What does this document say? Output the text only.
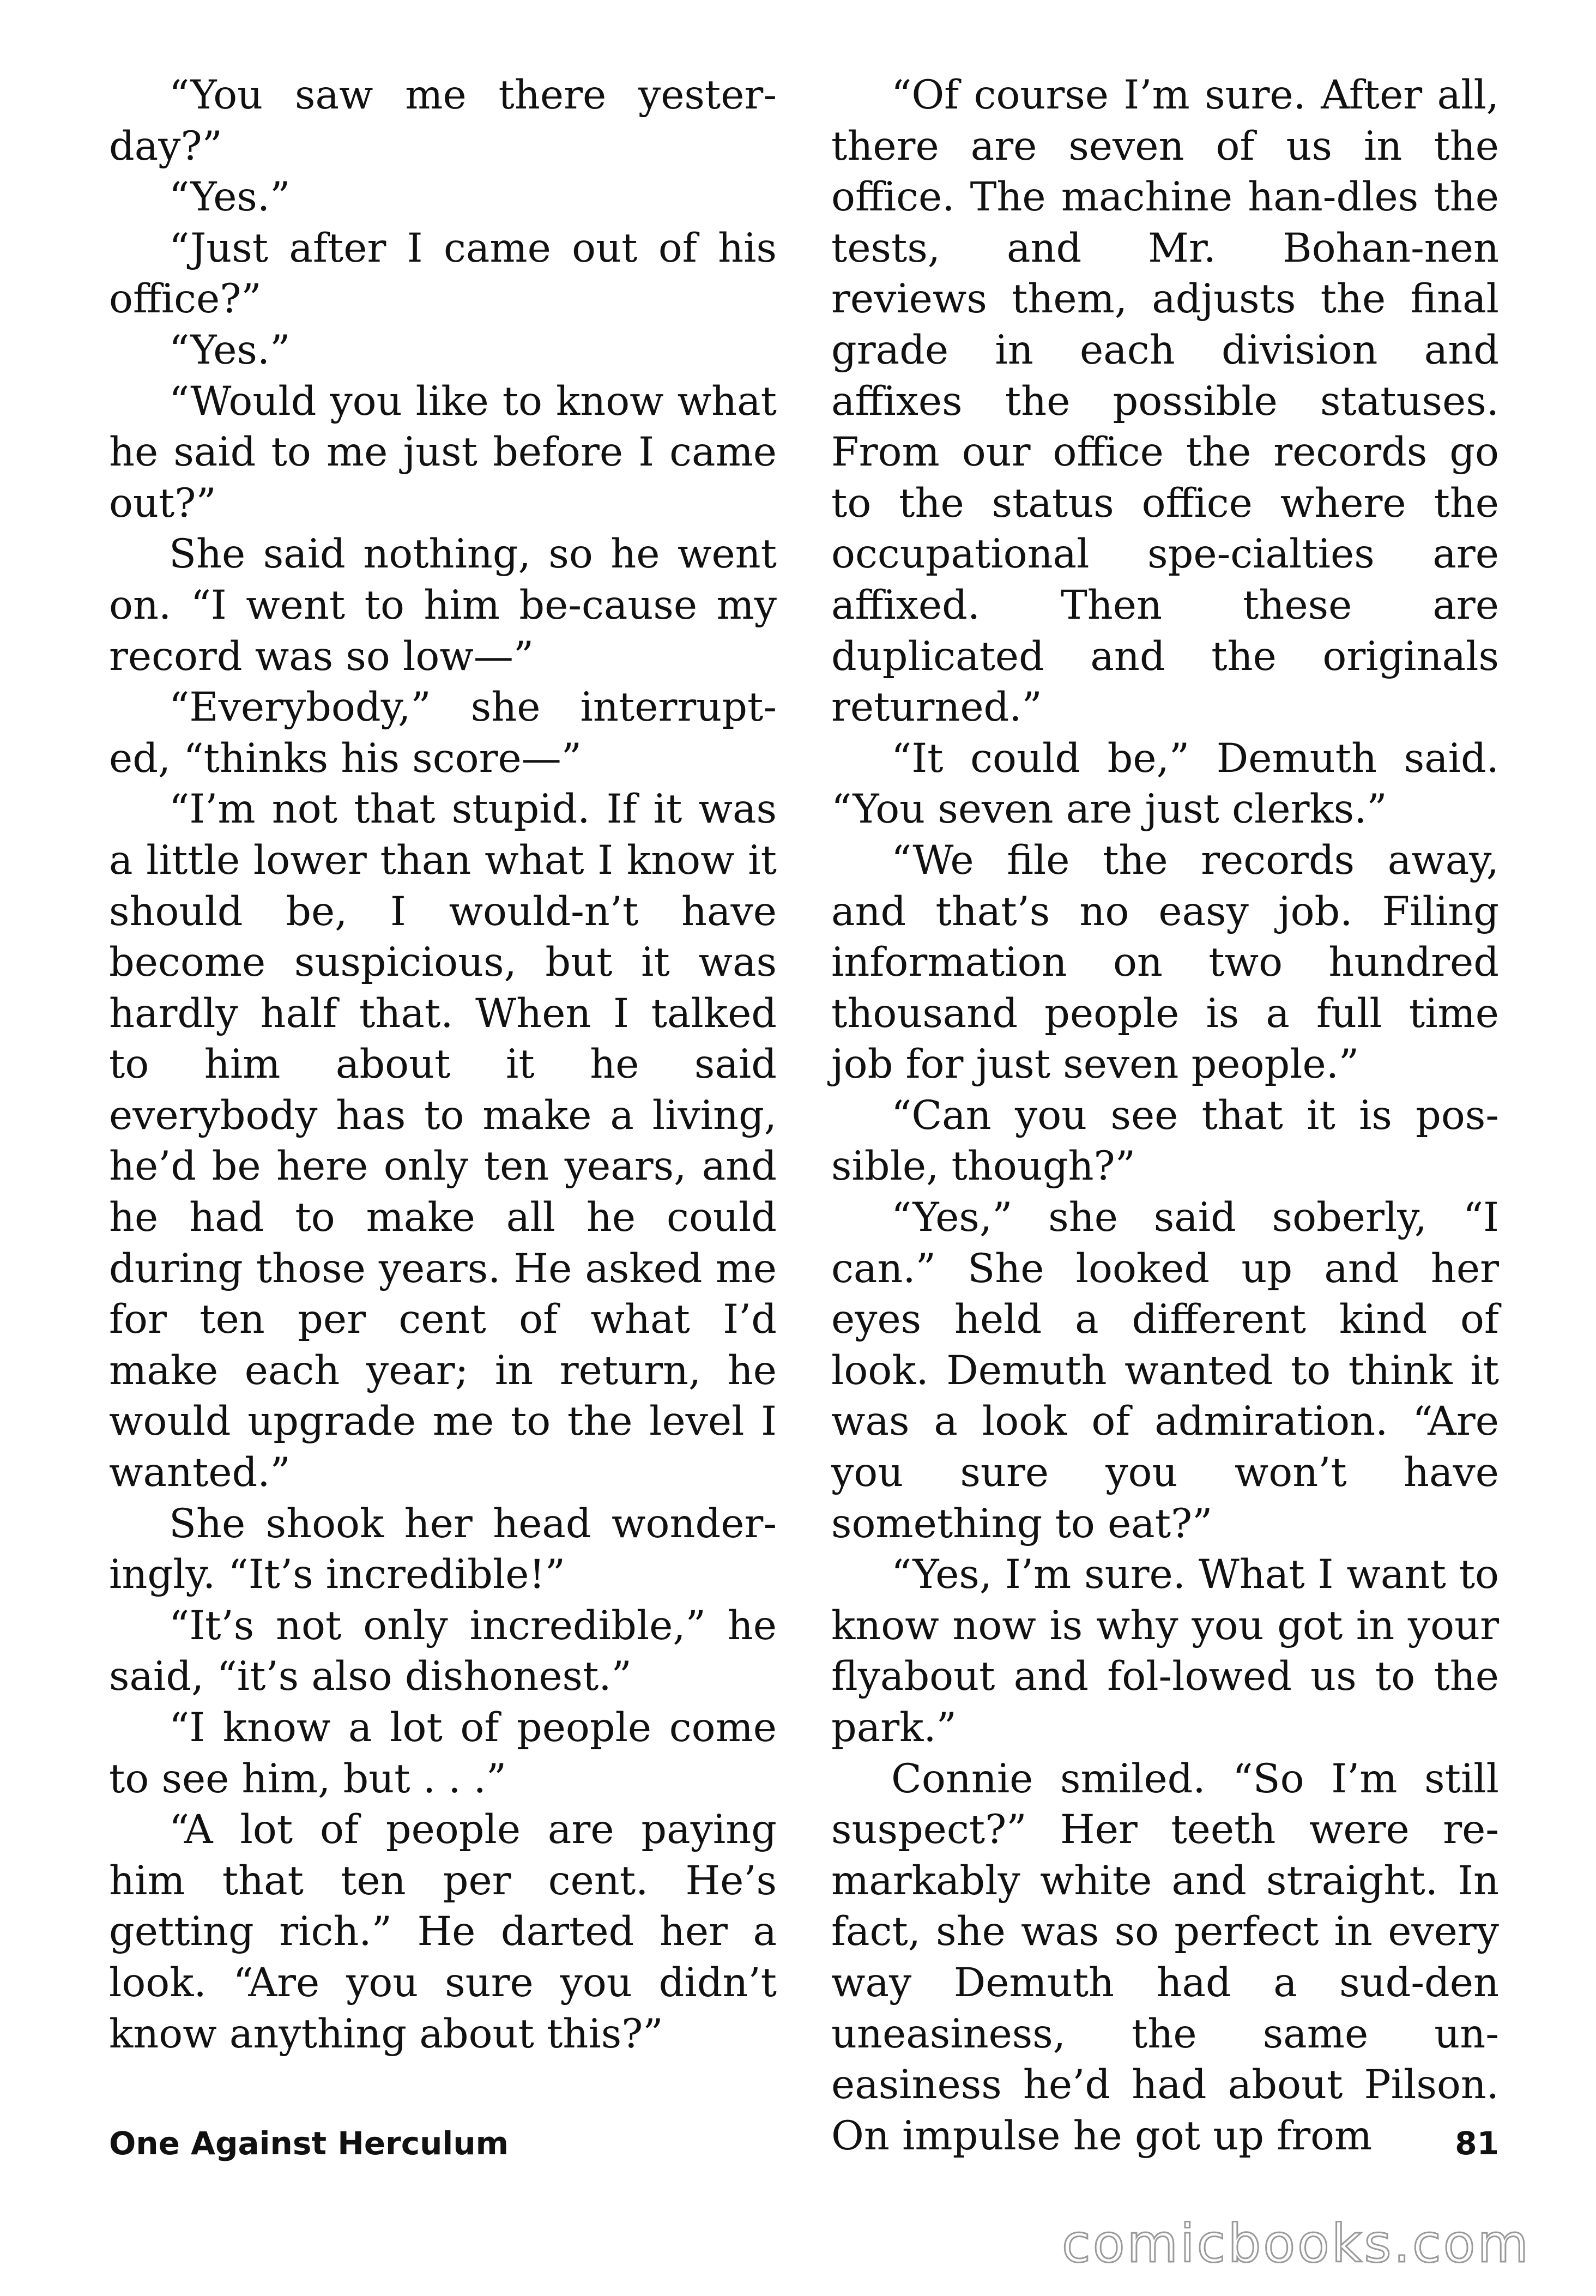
“You saw me there yester-day?”

“Yes.”

“Just after I came out of his office?”

“Yes.”

“Would you like to know what he said to me just before I came out?”

She said nothing, so he went on. “I went to him be-cause my record was so low—”

“Everybody,” she interrupt-ed, “thinks his score—”

“I’m not that stupid. If it was a little lower than what I know it should be, I would-n’t have become suspicious, but it was hardly half that. When I talked to him about it he said everybody has to make a living, he’d be here only ten years, and he had to make all he could during those years. He asked me for ten per cent of what I’d make each year; in return, he would upgrade me to the level I wanted.”

She shook her head wonder-ingly. “It’s incredible!”

“It’s not only incredible,” he said, “it’s also dishonest.”

“I know a lot of people come to see him, but . . .”

“A lot of people are paying him that ten per cent. He’s getting rich.” He darted her a look. “Are you sure you didn’t know anything about this?”

“Of course I’m sure. After all, there are seven of us in the office. The machine han-dles the tests, and Mr. Bohan-nen reviews them, adjusts the final grade in each division and affixes the possible statuses. From our office the records go to the status office where the occupational spe-cialties are affixed. Then these are duplicated and the originals returned.”

“It could be,” Demuth said. “You seven are just clerks.”

“We file the records away, and that’s no easy job. Filing information on two hundred thousand people is a full time job for just seven people.”

“Can you see that it is pos-sible, though?”

“Yes,” she said soberly, “I can.” She looked up and her eyes held a different kind of look. Demuth wanted to think it was a look of admiration. “Are you sure you won’t have something to eat?”

“Yes, I’m sure. What I want to know now is why you got in your flyabout and fol-lowed us to the park.”

Connie smiled. “So I’m still suspect?” Her teeth were re-markably white and straight. In fact, she was so perfect in every way Demuth had a sud-den uneasiness, the same un-easiness he’d had about Pilson. On impulse he got up from

One Against Herculum	81
comicbooks.com
